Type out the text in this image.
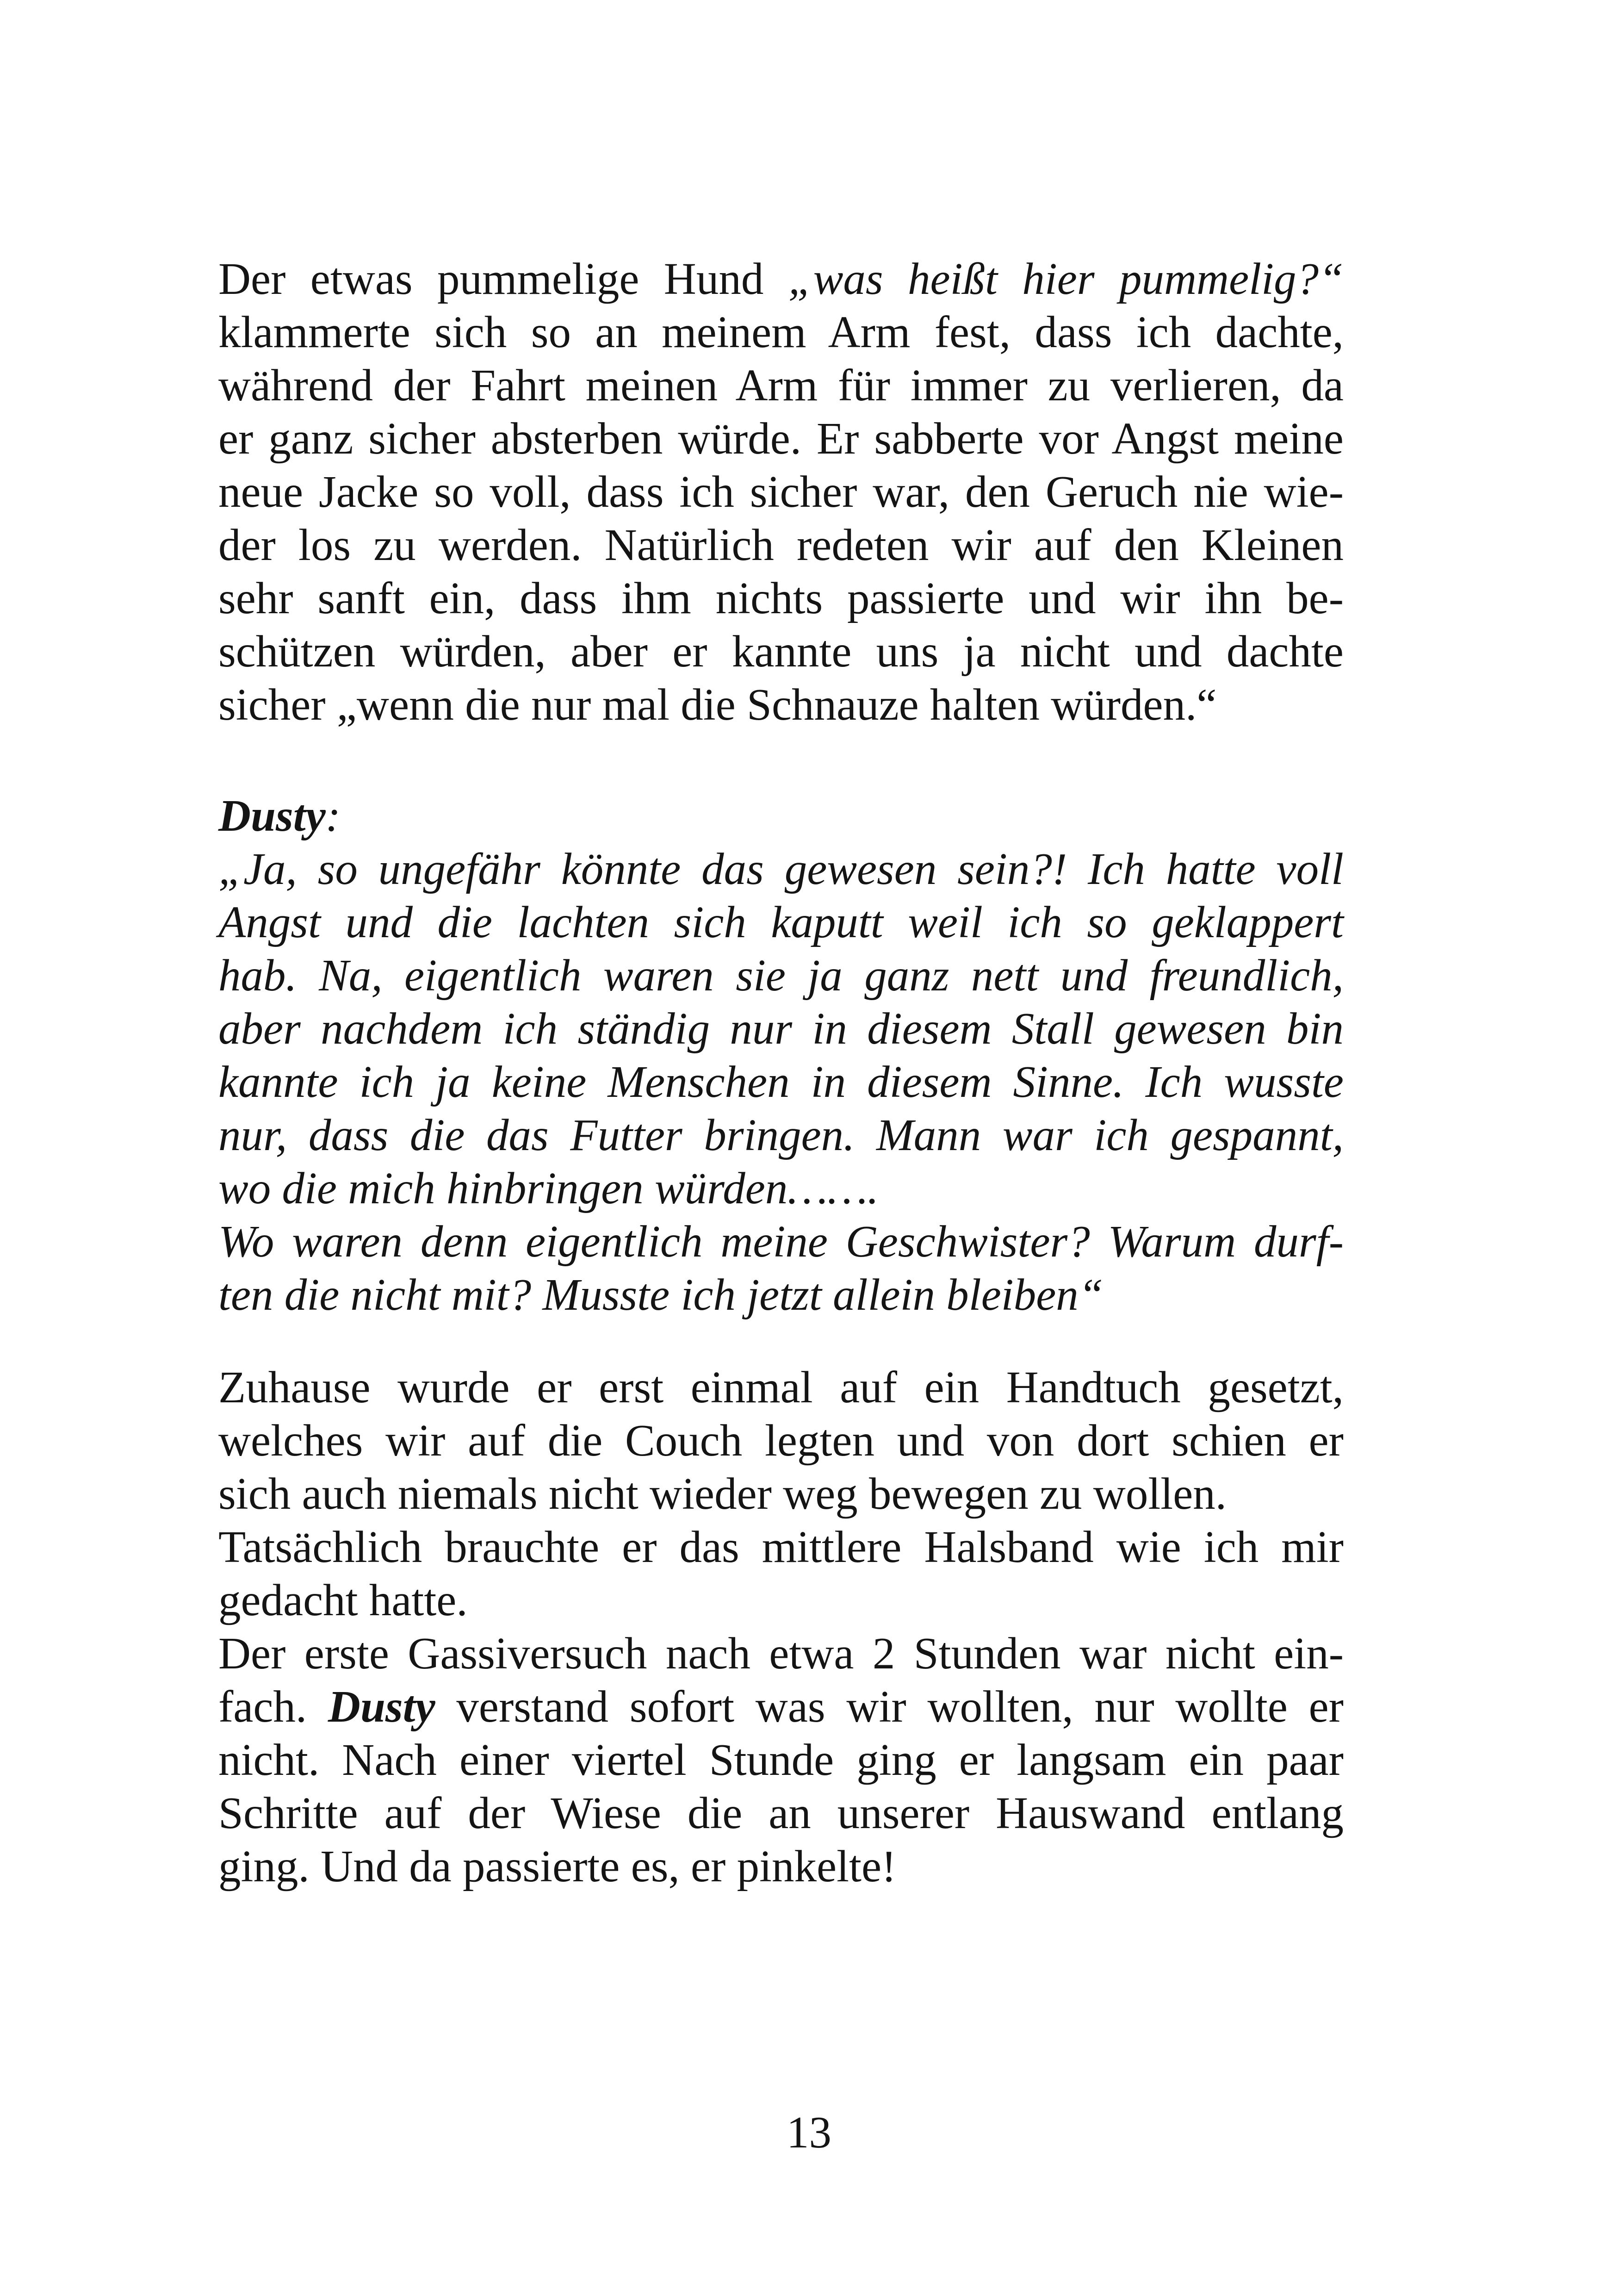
Der etwas pummelige Hund „was heißt hier pummelig?“
klammerte sich so an meinem Arm fest, dass ich dachte,
während der Fahrt meinen Arm für immer zu verlieren, da
er ganz sicher absterben würde. Er sabberte vor Angst meine
neue Jacke so voll, dass ich sicher war, den Geruch nie wie-
der los zu werden. Natürlich redeten wir auf den Kleinen
sehr sanft ein, dass ihm nichts passierte und wir ihn be-
schützen würden, aber er kannte uns ja nicht und dachte
sicher „wenn die nur mal die Schnauze halten würden.“
Dusty:
„Ja, so ungefähr könnte das gewesen sein?! Ich hatte voll
Angst und die lachten sich kaputt weil ich so geklappert
hab. Na, eigentlich waren sie ja ganz nett und freundlich,
aber nachdem ich ständig nur in diesem Stall gewesen bin
kannte ich ja keine Menschen in diesem Sinne. Ich wusste
nur, dass die das Futter bringen. Mann war ich gespannt,
wo die mich hinbringen würden…….
Wo waren denn eigentlich meine Geschwister? Warum durf-
ten die nicht mit? Musste ich jetzt allein bleiben“
Zuhause wurde er erst einmal auf ein Handtuch gesetzt,
welches wir auf die Couch legten und von dort schien er
sich auch niemals nicht wieder weg bewegen zu wollen.
Tatsächlich brauchte er das mittlere Halsband wie ich mir
gedacht hatte.
Der erste Gassiversuch nach etwa 2 Stunden war nicht ein-
fach. Dusty verstand sofort was wir wollten, nur wollte er
nicht. Nach einer viertel Stunde ging er langsam ein paar
Schritte auf der Wiese die an unserer Hauswand entlang
ging. Und da passierte es, er pinkelte!
13
